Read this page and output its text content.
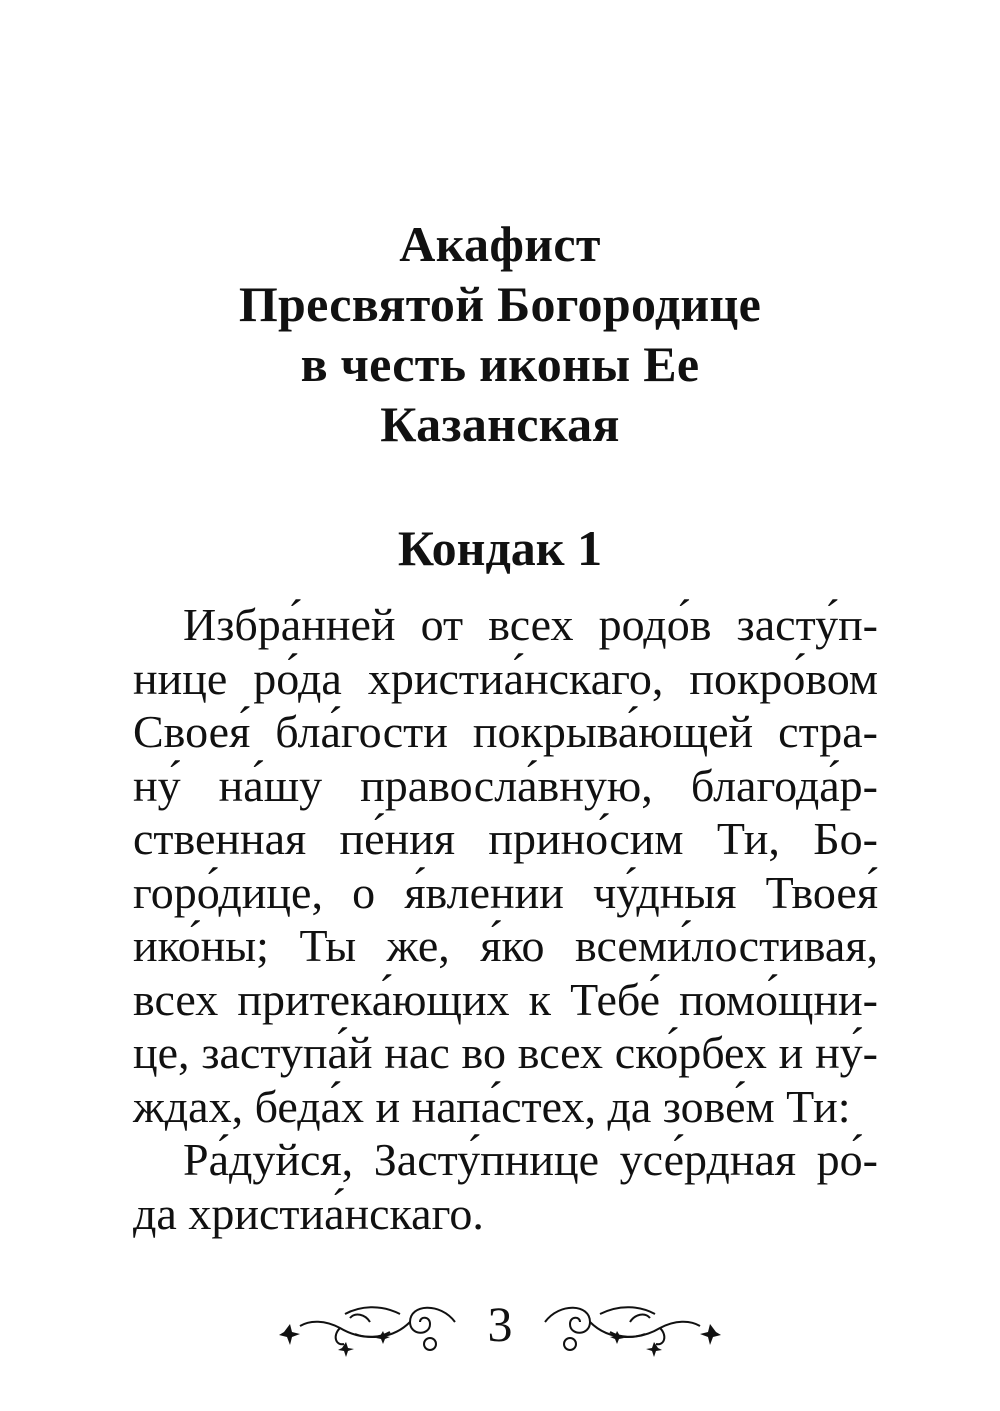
Акафист
Пресвятой Богородице
в честь иконы Ее
Казанская
Кондак 1
Избра́нней от всех родо́в засту́п-
нице ро́да христиа́нскаго, покро́вом
Своея́ бла́гости покрыва́ющей стра-
ну́ на́шу правосла́вную, благода́р-
ственная пе́ния прино́сим Ти, Бо-
горо́дице, о я́влении чу́дныя Твоея́
ико́ны; Ты же, я́ко всеми́лостивая,
всех притека́ющих к Тебе́ помо́щни-
це, заступа́й нас во всех ско́рбех и ну́-
ждах, беда́х и напа́стех, да зове́м Ти:
Ра́дуйся, Засту́пнице усе́рдная ро́-
да христиа́нскаго.
3
